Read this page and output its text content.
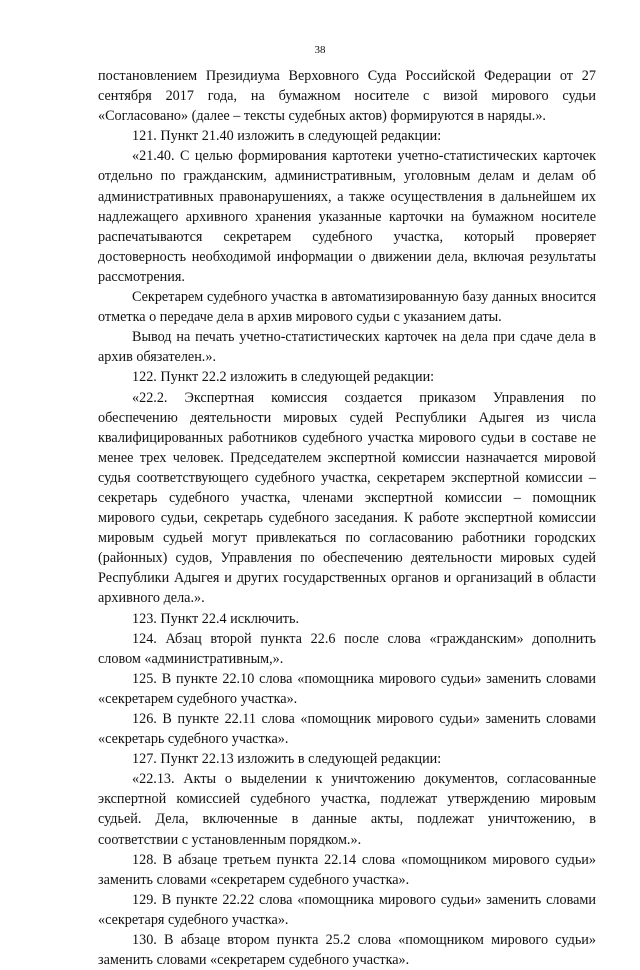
38

постановлением Президиума Верховного Суда Российской Федерации от 27 сентября 2017 года, на бумажном носителе с визой мирового судьи «Согласовано» (далее – тексты судебных актов) формируются в наряды.».

121. Пункт 21.40 изложить в следующей редакции:

«21.40. С целью формирования картотеки учетно-статистических карточек отдельно по гражданским, административным, уголовным делам и делам об административных правонарушениях, а также осуществления в дальнейшем их надлежащего архивного хранения указанные карточки на бумажном носителе распечатываются секретарем судебного участка, который проверяет достоверность необходимой информации о движении дела, включая результаты рассмотрения.

Секретарем судебного участка в автоматизированную базу данных вносится отметка о передаче дела в архив мирового судьи с указанием даты.

Вывод на печать учетно-статистических карточек на дела при сдаче дела в архив обязателен.».

122. Пункт 22.2 изложить в следующей редакции:

«22.2. Экспертная комиссия создается приказом Управления по обеспечению деятельности мировых судей Республики Адыгея из числа квалифицированных работников судебного участка мирового судьи в составе не менее трех человек. Председателем экспертной комиссии назначается мировой судья соответствующего судебного участка, секретарем экспертной комиссии – секретарь судебного участка, членами экспертной комиссии – помощник мирового судьи, секретарь судебного заседания. К работе экспертной комиссии мировым судьей могут привлекаться по согласованию работники городских (районных) судов, Управления по обеспечению деятельности мировых судей Республики Адыгея и других государственных органов и организаций в области архивного дела.».

123. Пункт 22.4 исключить.

124. Абзац второй пункта 22.6 после слова «гражданским» дополнить словом «административным,».

125. В пункте 22.10 слова «помощника мирового судьи» заменить словами «секретарем судебного участка».

126. В пункте 22.11 слова «помощник мирового судьи» заменить словами «секретарь судебного участка».

127. Пункт 22.13 изложить в следующей редакции:

«22.13. Акты о выделении к уничтожению документов, согласованные экспертной комиссией судебного участка, подлежат утверждению мировым судьей. Дела, включенные в данные акты, подлежат уничтожению, в соответствии с установленным порядком.».

128. В абзаце третьем пункта 22.14 слова «помощником мирового судьи» заменить словами «секретарем судебного участка».

129. В пункте 22.22 слова «помощника мирового судьи» заменить словами «секретаря судебного участка».

130. В абзаце втором пункта 25.2 слова «помощником мирового судьи» заменить словами «секретарем судебного участка».
